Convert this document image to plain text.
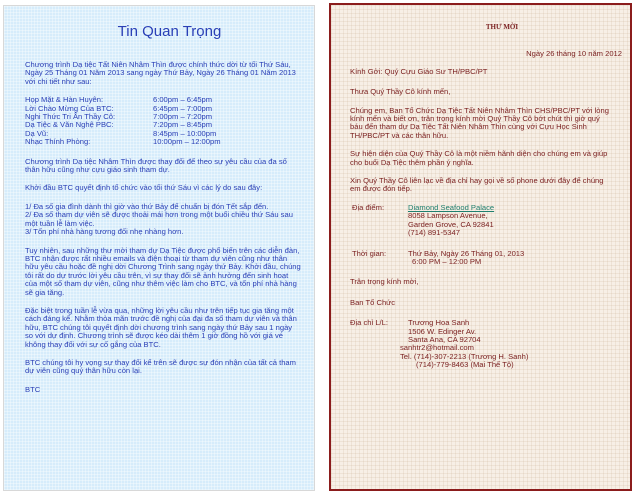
Tin Quan Trọng

Chương trình Dạ tiệc Tất Niên Nhâm Thìn được chính thức dời từ tối Thứ Sáu, Ngày 25 Tháng 01 Năm 2013 sang ngày Thứ Bảy, Ngày 26 Tháng 01 Năm 2013 với chi tiết như sau:

Họp Mặt & Hàn Huyên:	6:00pm – 6:45pm
Lời Chào Mừng Của BTC:	6:45pm – 7:00pm
Nghi Thức Tri Ân Thầy Cô:	7:00pm – 7:20pm
Dạ Tiệc & Văn Nghệ PBC:	7:20pm – 8:45pm
Dạ Vũ:	8:45pm – 10:00pm
Nhạc Thính Phòng:	10:00pm – 12:00pm

Chương trình Dạ tiệc Nhâm Thìn được thay đổi để theo sự yêu cầu của đa số thân hữu cũng như cựu giáo sinh tham dự.

Khởi đầu BTC quyết định tổ chức vào tối thứ Sáu vì các lý do sau đây:

1/ Đa số gia đình dành thì giờ vào thứ Bảy để chuẩn bị đón Tết sắp đến.
2/ Đa số tham dự viên sẽ được thoải mái hơn trong một buổi chiều thứ Sáu sau một tuần lễ làm việc.
3/ Tổn phí nhà hàng tương đối nhẹ nhàng hơn.

Tuy nhiên, sau những thư mời tham dự Dạ Tiệc được phổ biến trên các diễn đàn, BTC nhận được rất nhiều emails và điện thoại từ tham dự viên cũng như thân hữu yêu cầu hoặc đề nghị dời Chương Trình sang ngày thứ Bảy. Khởi đầu, chúng tôi rất do dự trước lời yêu cầu trên, vì sự thay đổi sẽ ảnh hưởng đến sinh hoạt của một số tham dự viên, cũng như thêm việc làm cho BTC, và tổn phí nhà hàng sẽ gia tăng.

Đặc biệt trong tuần lễ vừa qua, những lời yêu cầu như trên tiếp tục gia tăng một cách đáng kể. Nhằm thỏa mãn trước đề nghị của đại đa số tham dự viên và thân hữu, BTC chúng tôi quyết định dời chương trình sang ngày thứ Bảy sau 1 ngày so với dự định. Chương trình sẽ được kéo dài thêm 1 giờ đồng hồ với giá vé không thay đổi với sự cố gắng của BTC.

BTC chúng tôi hy vọng sự thay đổi kể trên sẽ được sự đón nhận của tất cả tham dự viên cũng quý thân hữu còn lại.

BTC

THƯ MỜI
Ngày 26 tháng 10 năm 2012

Kính Gởi: Quý Cựu Giáo Sư TH/PBC/PT

Thưa Quý Thầy Cô kính mến,

Chúng em, Ban Tổ Chức Dạ Tiệc Tất Niên Nhâm Thìn CHS/PBC/PT với lòng kính mến và biết ơn, trân trọng kính mời Quý Thầy Cô bớt chút thì giờ quý báu đến tham dự Dạ Tiệc Tất Niên Nhâm Thìn cùng với Cựu Học Sinh TH/PBC/PT và các thân hữu.

Sự hiện diện của Quý Thầy Cô là một niềm hãnh diện cho chúng em và giúp cho buổi Dạ Tiệc thêm phần ý nghĩa.

Xin Quý Thầy Cô liên lạc về địa chỉ hay gọi về số phone dưới đây để chúng em được đón tiếp.

Địa điểm:	Diamond Seafood Palace
8058 Lampson Avenue,
Garden Grove, CA 92841
(714) 891-5347
Thời gian:	Thứ Bảy, Ngày 26 Tháng 01, 2013
6:00 PM – 12:00 PM

Trân trọng kính mời,

Ban Tổ Chức

Địa chỉ L/L:	Trương Hoa Sanh
1506 W. Edinger Av.
Santa Ana, CA 92704
sanhtr2@hotmail.com
Tel. (714)-307-2213 (Trương H. Sanh)
(714)-779-8463 (Mai Thế Tộ)
